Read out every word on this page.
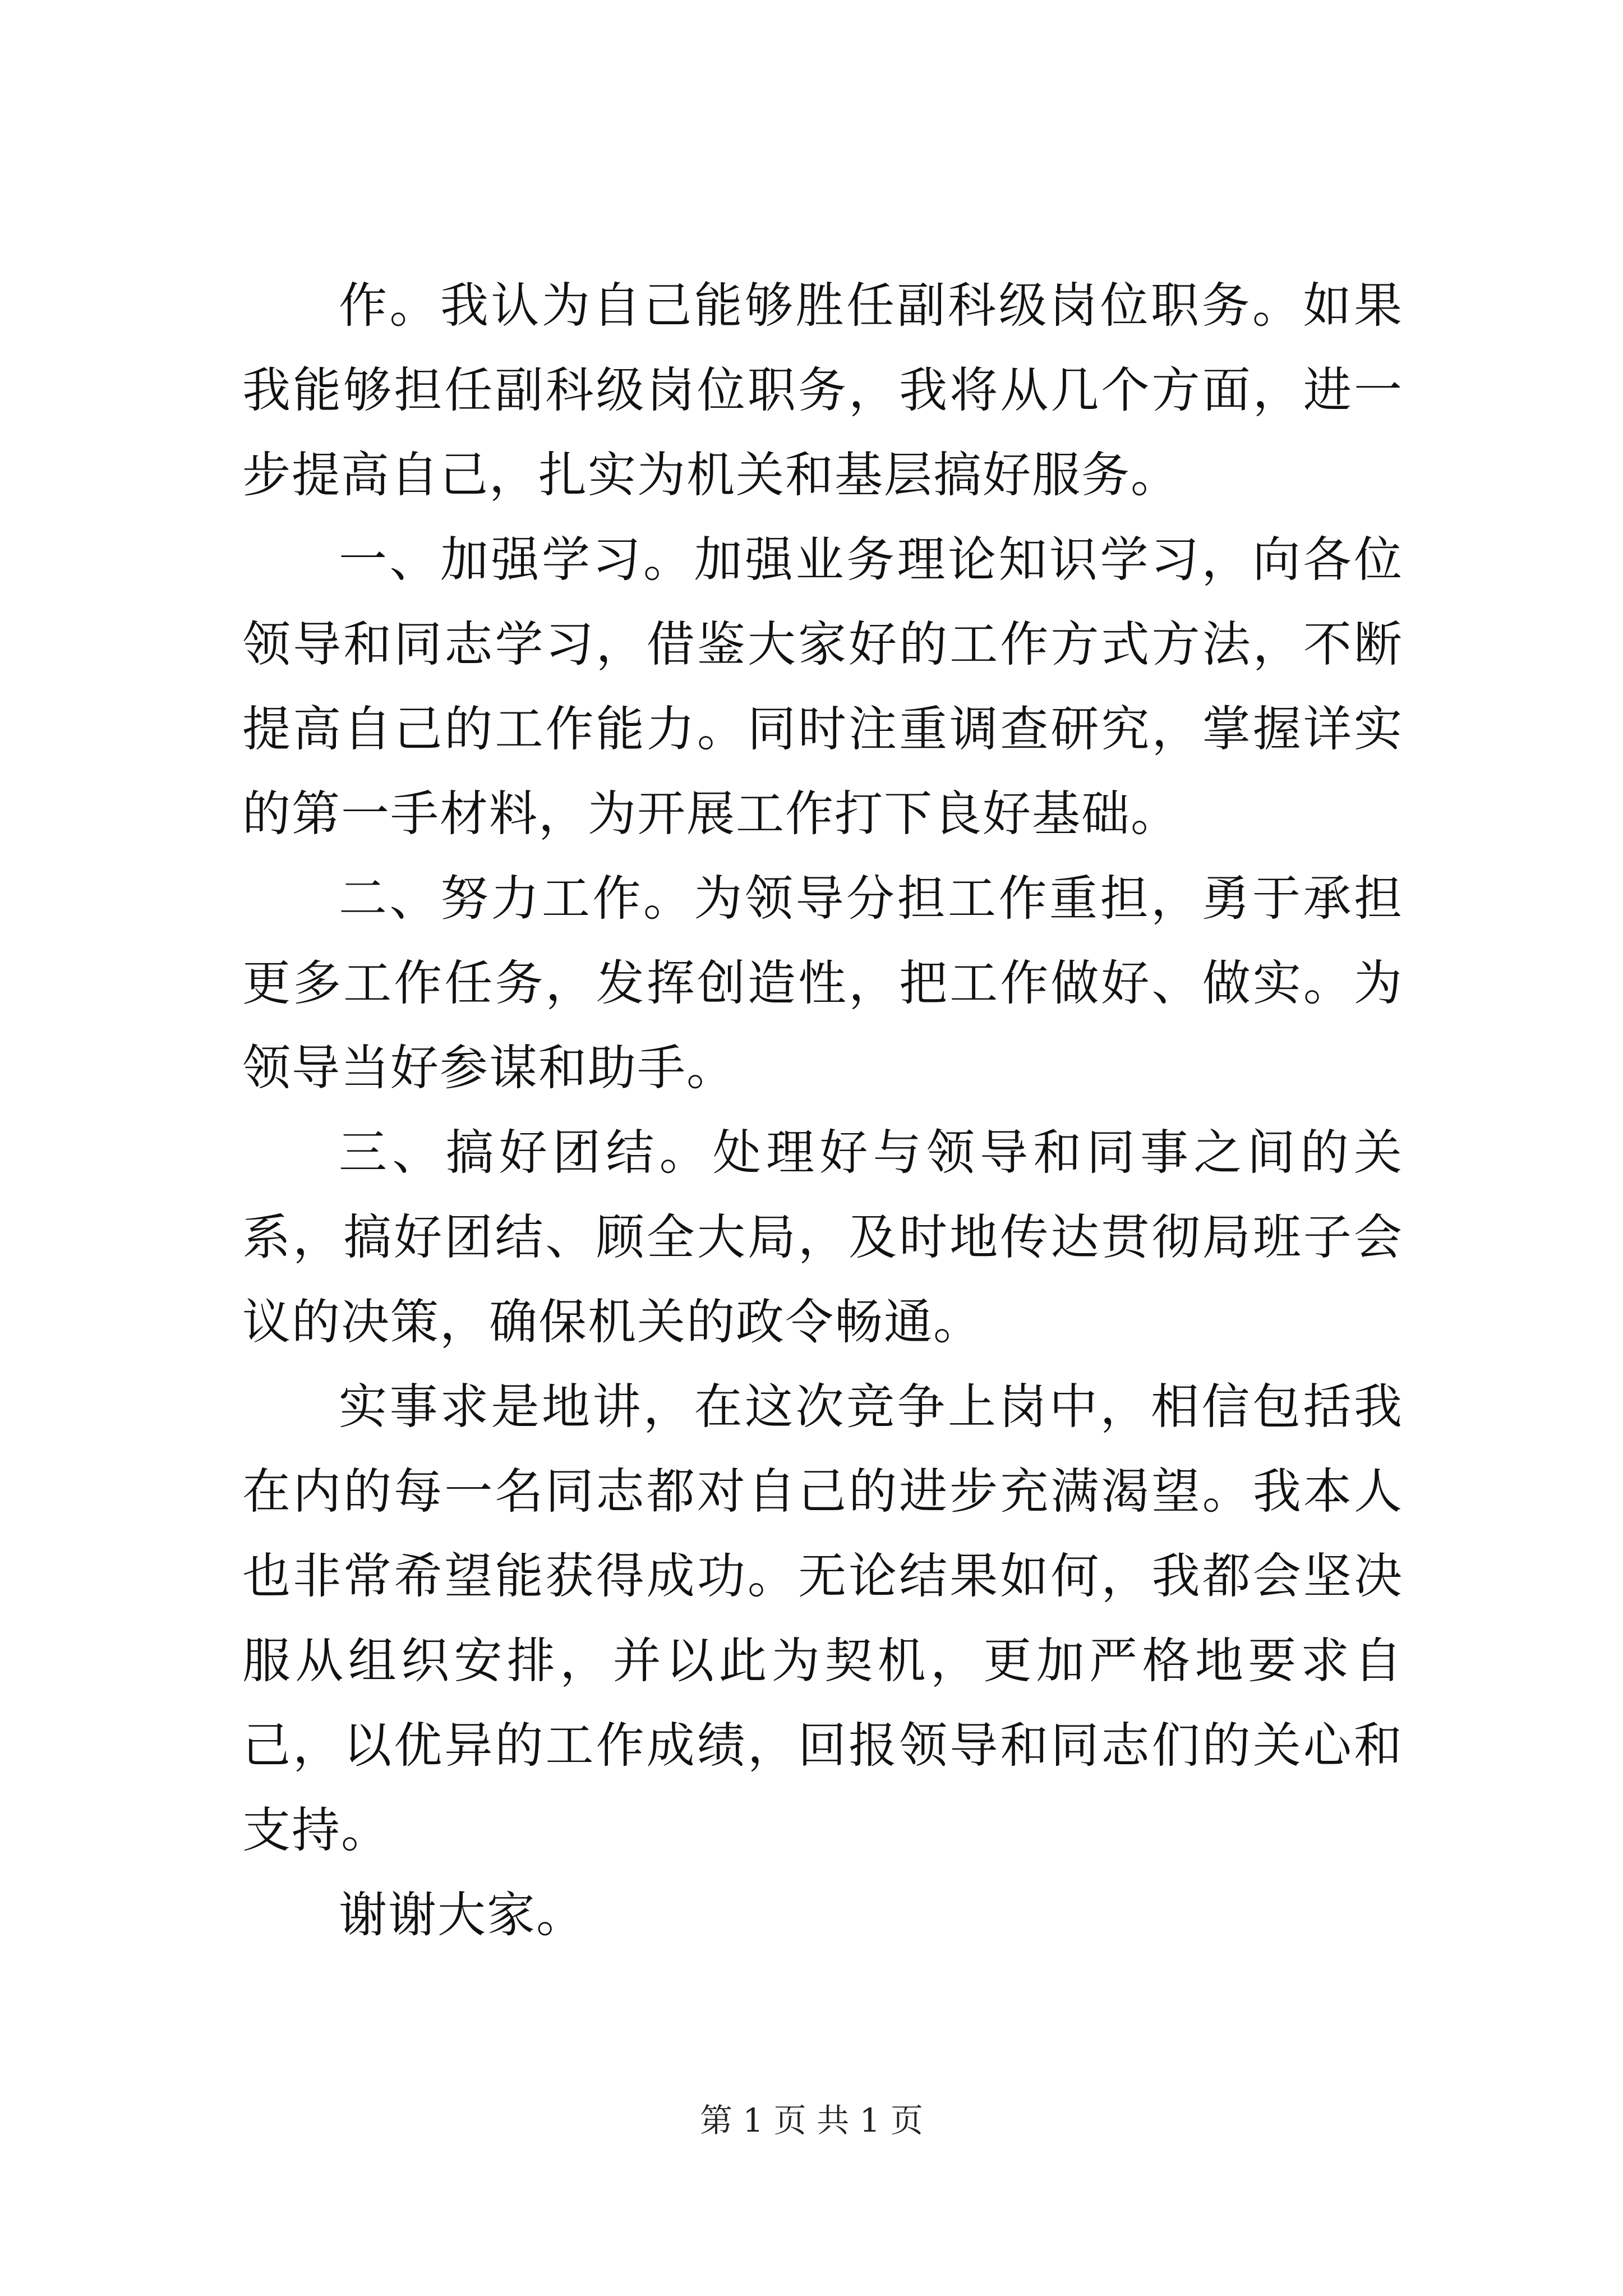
作。我认为自己能够胜任副科级岗位职务。如果我能够担任副科级岗位职务，我将从几个方面，进一步提高自己，扎实为机关和基层搞好服务。

一、加强学习。加强业务理论知识学习，向各位领导和同志学习，借鉴大家好的工作方式方法，不断提高自己的工作能力。同时注重调查研究，掌握详实的第一手材料，为开展工作打下良好基础。

二、努力工作。为领导分担工作重担，勇于承担更多工作任务，发挥创造性，把工作做好、做实。为领导当好参谋和助手。

三、搞好团结。处理好与领导和同事之间的关系，搞好团结、顾全大局，及时地传达贯彻局班子会议的决策，确保机关的政令畅通。

实事求是地讲，在这次竞争上岗中，相信包括我在内的每一名同志都对自己的进步充满渴望。我本人也非常希望能获得成功。无论结果如何，我都会坚决服从组织安排，并以此为契机，更加严格地要求自己，以优异的工作成绩，回报领导和同志们的关心和支持。

谢谢大家。

第 1 页 共 1 页
